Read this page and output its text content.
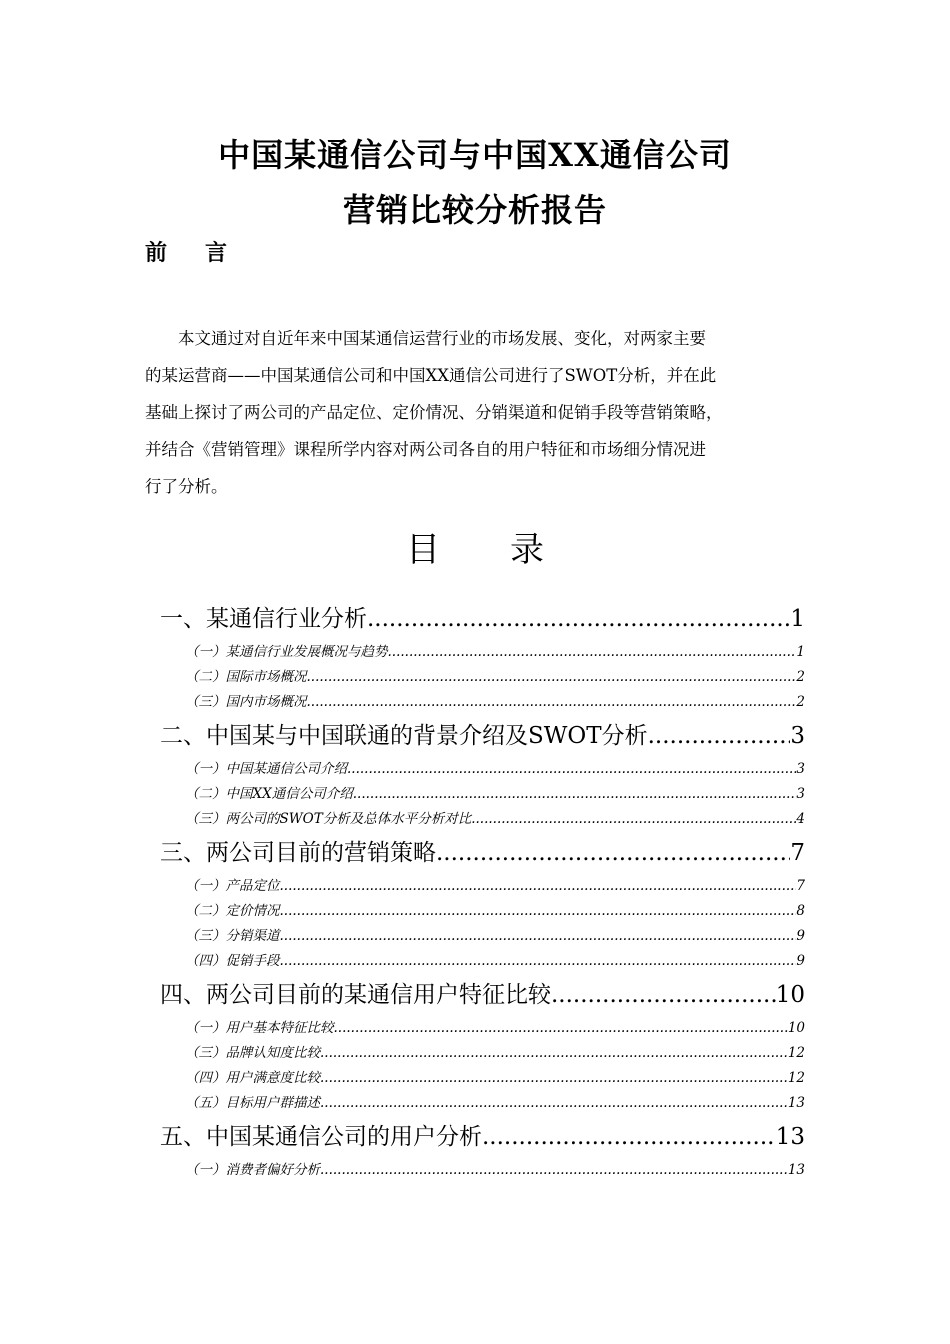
中国某通信公司与中国XX通信公司
营销比较分析报告
前 言
本文通过对自近年来中国某通信运营行业的市场发展、变化，对两家主要
的某运营商——中国某通信公司和中国XX通信公司进行了SWOT分析，并在此
基础上探讨了两公司的产品定位、定价情况、分销渠道和促销手段等营销策略，
并结合《营销管理》课程所学内容对两公司各自的用户特征和市场细分情况进
行了分析。
目 录
一、某通信行业分析 .....	1
（一）某通信行业发展概况与趋势 .....	1
（二）国际市场概况 .....	2
（三）国内市场概况 .....	2
二、中国某与中国联通的背景介绍及SWOT分析 .....	3
（一）中国某通信公司介绍 .....	3
（二）中国XX通信公司介绍 .....	3
（三）两公司的SWOT分析及总体水平分析对比 .....	4
三、两公司目前的营销策略 .....	7
（一）产品定位 .....	7
（二）定价情况 .....	8
（三）分销渠道 .....	9
（四）促销手段 .....	9
四、两公司目前的某通信用户特征比较 .....	10
（一）用户基本特征比较 .....	10
（三）品牌认知度比较 .....	12
（四）用户满意度比较 .....	12
（五）目标用户群描述 .....	13
五、中国某通信公司的用户分析 .....	13
（一）消费者偏好分析 .....	13
